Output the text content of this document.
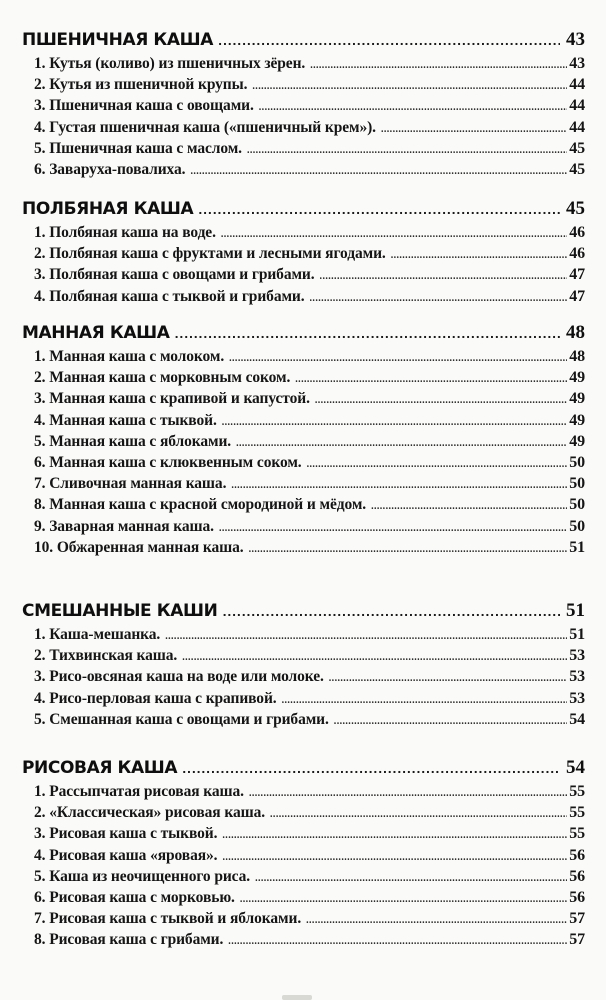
ПШЕНИЧНАЯ КАША .....	43
1. Кутья (коливо) из пшеничных зёрен. .....	43
2. Кутья из пшеничной крупы. .....	44
3. Пшеничная каша с овощами. .....	44
4. Густая пшеничная каша («пшеничный крем»). .....	44
5. Пшеничная каша с маслом. .....	45
6. Заваруха-повалиха. .....	45
ПОЛБЯНАЯ КАША .....	45
1. Полбяная каша на воде. .....	46
2. Полбяная каша с фруктами и лесными ягодами. .....	46
3. Полбяная каша с овощами и грибами. .....	47
4. Полбяная каша с тыквой и грибами. .....	47
МАННАЯ КАША .....	48
1. Манная каша с молоком. .....	48
2. Манная каша с морковным соком. .....	49
3. Манная каша с крапивой и капустой. .....	49
4. Манная каша с тыквой. .....	49
5. Манная каша с яблоками. .....	49
6. Манная каша с клюквенным соком. .....	50
7. Сливочная манная каша. .....	50
8. Манная каша с красной смородиной и мёдом. .....	50
9. Заварная манная каша. .....	50
10. Обжаренная манная каша. .....	51
СМЕШАННЫЕ КАШИ .....	51
1. Каша-мешанка. .....	51
2. Тихвинская каша. .....	53
3. Рисо-овсяная каша на воде или молоке. .....	53
4. Рисо-перловая каша с крапивой. .....	53
5. Смешанная каша с овощами и грибами. .....	54
РИСОВАЯ КАША .....	54
1. Рассыпчатая рисовая каша. .....	55
2. «Классическая» рисовая каша. .....	55
3. Рисовая каша с тыквой. .....	55
4. Рисовая каша «яровая». .....	56
5. Каша из неочищенного риса. .....	56
6. Рисовая каша с морковью. .....	56
7. Рисовая каша с тыквой и яблоками. .....	57
8. Рисовая каша с грибами. .....	57
